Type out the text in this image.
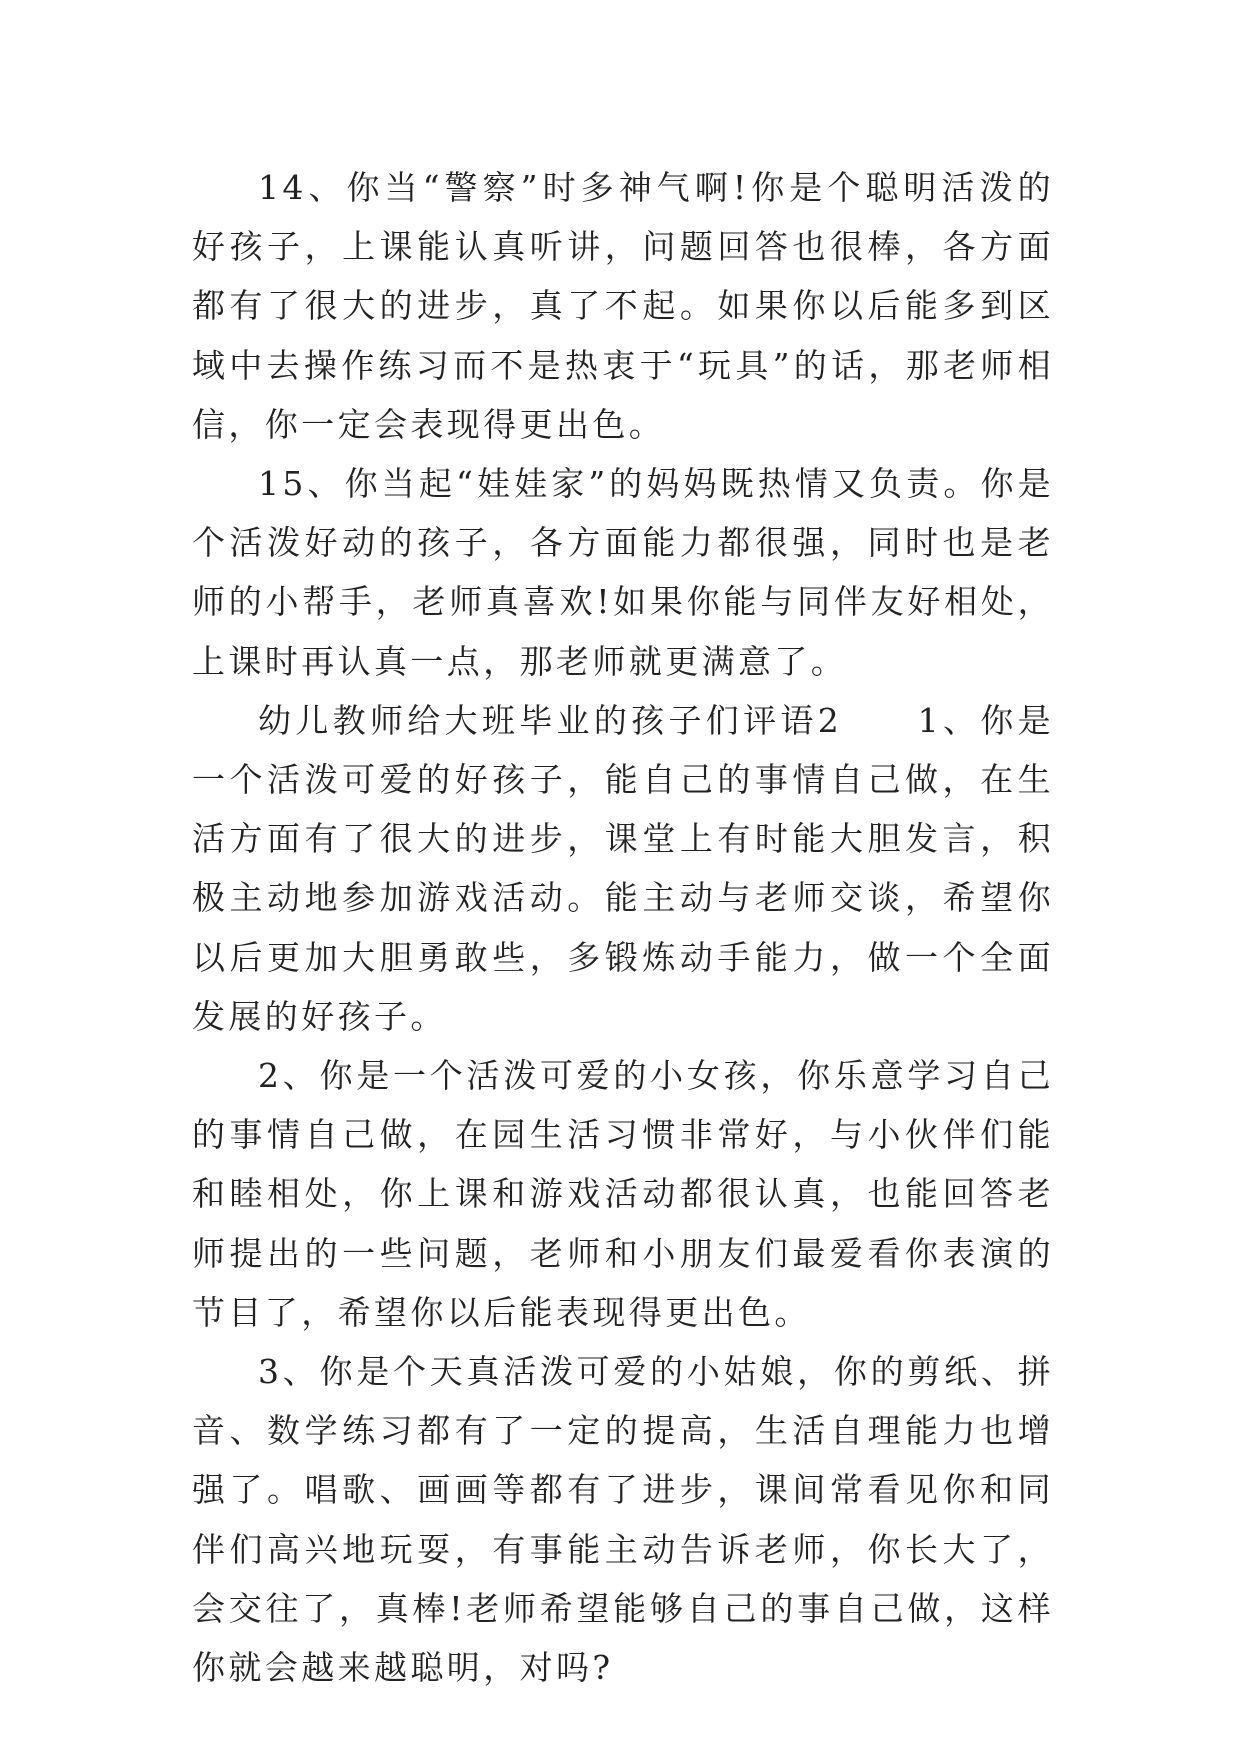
14、你当“警察”时多神气啊!你是个聪明活泼的好孩子，上课能认真听讲，问题回答也很棒，各方面都有了很大的进步，真了不起。如果你以后能多到区域中去操作练习而不是热衷于“玩具”的话，那老师相信，你一定会表现得更出色。

15、你当起“娃娃家”的妈妈既热情又负责。你是个活泼好动的孩子，各方面能力都很强，同时也是老师的小帮手，老师真喜欢!如果你能与同伴友好相处，上课时再认真一点，那老师就更满意了。

幼儿教师给大班毕业的孩子们评语2　　1、你是一个活泼可爱的好孩子，能自己的事情自己做，在生活方面有了很大的进步，课堂上有时能大胆发言，积极主动地参加游戏活动。能主动与老师交谈，希望你以后更加大胆勇敢些，多锻炼动手能力，做一个全面发展的好孩子。

2、你是一个活泼可爱的小女孩，你乐意学习自己的事情自己做，在园生活习惯非常好，与小伙伴们能和睦相处，你上课和游戏活动都很认真，也能回答老师提出的一些问题，老师和小朋友们最爱看你表演的节目了，希望你以后能表现得更出色。

3、你是个天真活泼可爱的小姑娘，你的剪纸、拼音、数学练习都有了一定的提高，生活自理能力也增强了。唱歌、画画等都有了进步，课间常看见你和同伴们高兴地玩耍，有事能主动告诉老师，你长大了，会交往了，真棒!老师希望能够自己的事自己做，这样你就会越来越聪明，对吗?
